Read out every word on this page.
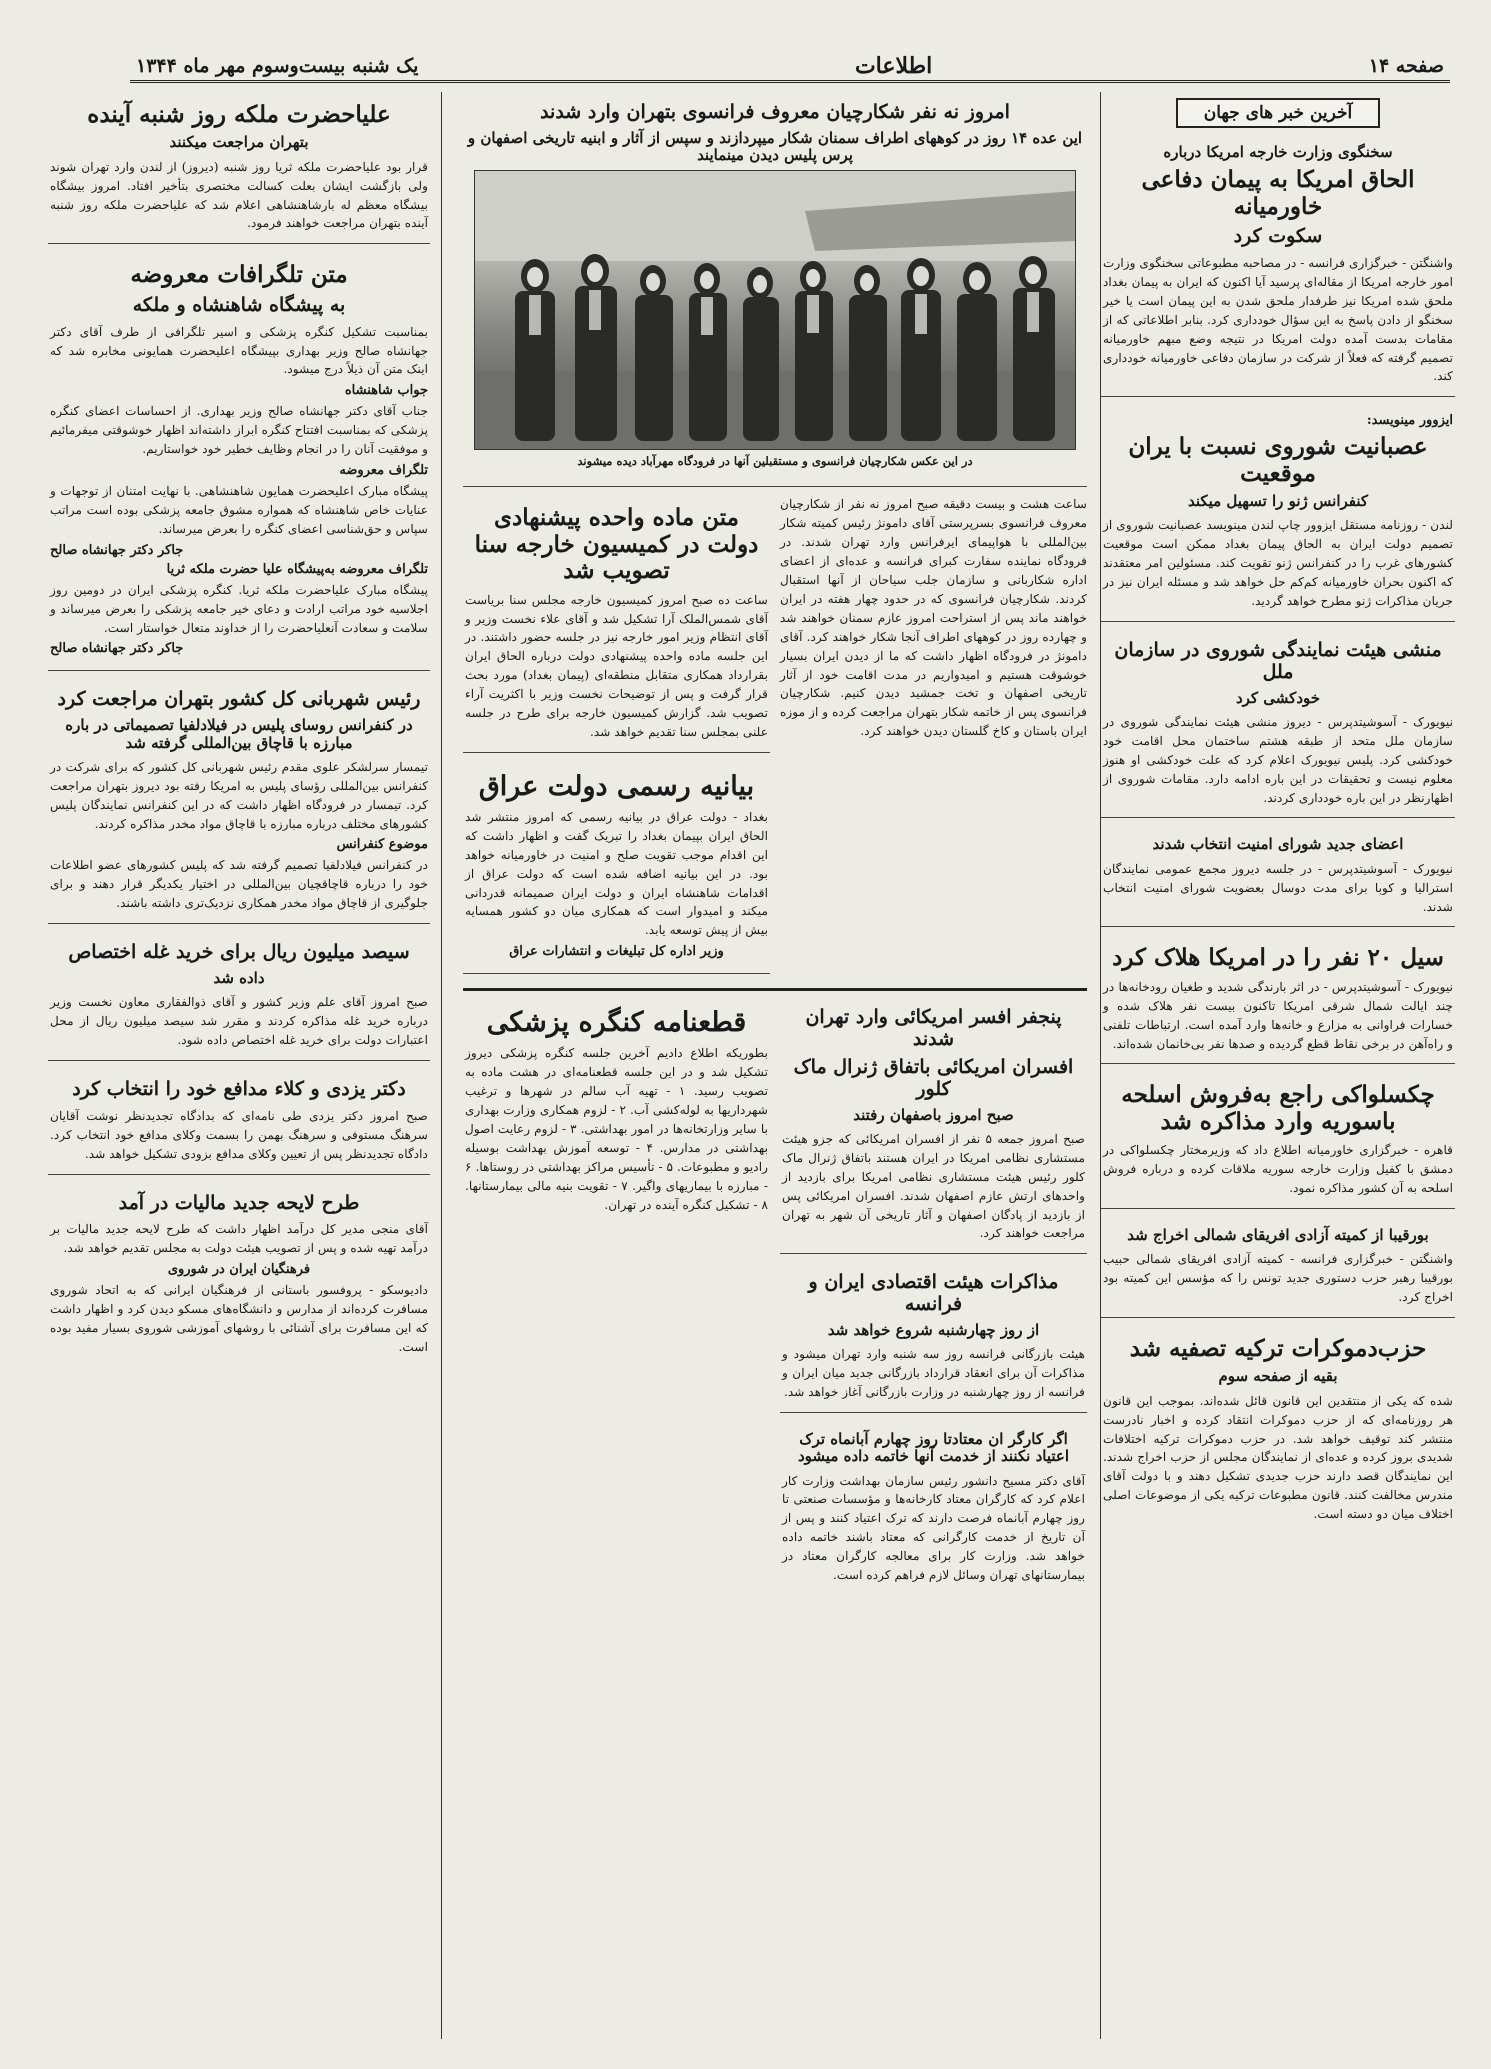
صفحه ۱۴
اطلاعات
یک شنبه بیست‌وسوم مهر ماه ۱۳۴۴
آخرین خبر های جهان
سخنگوی وزارت خارجه امریکا درباره
الحاق امریکا به پیمان دفاعی خاورمیانه
سکوت کرد

واشنگتن - خبرگزاری فرانسه - در مصاحبه مطبوعاتی سخنگوی وزارت امور خارجه امریکا از مقاله‌ای پرسید آیا اکنون که ایران به پیمان بغداد ملحق شده امریکا نیز طرفدار ملحق شدن به این پیمان است یا خیر سخنگو از دادن پاسخ به این سؤال خودداری کرد. بنابر اطلاعاتی که از مقامات بدست آمده دولت امریکا در نتیجه وضع مبهم خاورمیانه تصمیم گرفته که فعلاً از شرکت در سازمان دفاعی خاورمیانه خودداری کند.

ایزوور مینویسد:
عصبانیت شوروی نسبت با یران موقعیت
کنفرانس ژنو را تسهیل میکند

لندن - روزنامه مستقل ایزوور چاپ لندن مینویسد عصبانیت شوروی از تصمیم دولت ایران به الحاق پیمان بغداد ممکن است موقعیت کشورهای غرب را در کنفرانس ژنو تقویت کند. مسئولین امر معتقدند که اکنون بحران خاورمیانه کم‌کم حل خواهد شد و مسئله ایران نیز در جریان مذاکرات ژنو مطرح خواهد گردید.

منشی هیئت نمایندگی شوروی در سازمان ملل
خودکشی کرد

نیویورک - آسوشیتدپرس - دیروز منشی هیئت نمایندگی شوروی در سازمان ملل متحد از طبقه هشتم ساختمان محل اقامت خود خودکشی کرد. پلیس نیویورک اعلام کرد که علت خودکشی او هنوز معلوم نیست و تحقیقات در این باره ادامه دارد. مقامات شوروی از اظهارنظر در این باره خودداری کردند.

اعضای جدید شورای امنیت انتخاب شدند

نیویورک - آسوشیتدپرس - در جلسه دیروز مجمع عمومی نمایندگان استرالیا و کوبا برای مدت دوسال بعضویت شورای امنیت انتخاب شدند.

سیل ۲۰ نفر را در امریکا هلاک کرد

نیویورک - آسوشیتدپرس - در اثر بارندگی شدید و طغیان رودخانه‌ها در چند ایالت شمال شرقی امریکا تاکنون بیست نفر هلاک شده و خسارات فراوانی به مزارع و خانه‌ها وارد آمده است. ارتباطات تلفنی و راه‌آهن در برخی نقاط قطع گردیده و صدها نفر بی‌خانمان شده‌اند.

چکسلواکی راجع به‌فروش اسلحه باسوریه وارد مذاکره شد

قاهره - خبرگزاری خاورمیانه اطلاع داد که وزیرمختار چکسلواکی در دمشق با کفیل وزارت خارجه سوریه ملاقات کرده و درباره فروش اسلحه به آن کشور مذاکره نمود.

بورقیبا از کمیته آزادی افریقای شمالی اخراج شد

واشنگتن - خبرگزاری فرانسه - کمیته آزادی افریقای شمالی حبیب بورقیبا رهبر حزب دستوری جدید تونس را که مؤسس این کمیته بود اخراج کرد.

حزب‌دموکرات ترکیه تصفیه شد
بقیه از صفحه سوم

شده که یکی از منتقدین این قانون قائل شده‌اند. بموجب این قانون هر روزنامه‌ای که از حزب دموکرات انتقاد کرده و اخبار نادرست منتشر کند توقیف خواهد شد. در حزب دموکرات ترکیه اختلافات شدیدی بروز کرده و عده‌ای از نمایندگان مجلس از حزب اخراج شدند. این نمایندگان قصد دارند حزب جدیدی تشکیل دهند و با دولت آقای مندرس مخالفت کنند. قانون مطبوعات ترکیه یکی از موضوعات اصلی اختلاف میان دو دسته است.

امروز نه نفر شکارچیان معروف فرانسوی بتهران وارد شدند
این عده ۱۴ روز در کوههای اطراف سمنان شکار میپردازند و سپس از آثار و ابنیه تاریخی اصفهان و پرس پلیس دیدن مینمایند
در این عکس شکارچیان فرانسوی و مستقبلین آنها در فرودگاه مهرآباد دیده میشوند

ساعت هشت و بیست دقیقه صبح امروز نه نفر از شکارچیان معروف فرانسوی بسرپرستی آقای دامونژ رئیس کمیته شکار بین‌المللی با هواپیمای ایرفرانس وارد تهران شدند. در فرودگاه نماینده سفارت کبرای فرانسه و عده‌ای از اعضای اداره شکاربانی و سازمان جلب سیاحان از آنها استقبال کردند. شکارچیان فرانسوی که در حدود چهار هفته در ایران خواهند ماند پس از استراحت امروز عازم سمنان خواهند شد و چهارده روز در کوههای اطراف آنجا شکار خواهند کرد. آقای دامونژ در فرودگاه اظهار داشت که ما از دیدن ایران بسیار خوشوقت هستیم و امیدواریم در مدت اقامت خود از آثار تاریخی اصفهان و تخت جمشید دیدن کنیم. شکارچیان فرانسوی پس از خاتمه شکار بتهران مراجعت کرده و از موزه ایران باستان و کاخ گلستان دیدن خواهند کرد.

متن ماده واحده پیشنهادی دولت در کمیسیون خارجه سنا تصویب شد

ساعت ده صبح امروز کمیسیون خارجه مجلس سنا بریاست آقای شمس‌الملک آرا تشکیل شد و آقای علاء نخست وزیر و آقای انتظام وزیر امور خارجه نیز در جلسه حضور داشتند. در این جلسه ماده واحده پیشنهادی دولت درباره الحاق ایران بقرارداد همکاری متقابل منطقه‌ای (پیمان بغداد) مورد بحث قرار گرفت و پس از توضیحات نخست وزیر با اکثریت آراء تصویب شد. گزارش کمیسیون خارجه برای طرح در جلسه علنی بمجلس سنا تقدیم خواهد شد.

بیانیه رسمی دولت عراق

بغداد - دولت عراق در بیانیه رسمی که امروز منتشر شد الحاق ایران بپیمان بغداد را تبریک گفت و اظهار داشت که این اقدام موجب تقویت صلح و امنیت در خاورمیانه خواهد بود. در این بیانیه اضافه شده است که دولت عراق از اقدامات شاهنشاه ایران و دولت ایران صمیمانه قدردانی میکند و امیدوار است که همکاری میان دو کشور همسایه بیش از پیش توسعه یابد.

وزیر اداره کل تبلیغات و انتشارات عراق
پنجفر افسر امریکائی وارد تهران شدند
افسران امریکائی باتفاق ژنرال ماک کلور
صبح امروز باصفهان رفتند

صبح امروز جمعه ۵ نفر از افسران امریکائی که جزو هیئت مستشاری نظامی امریکا در ایران هستند باتفاق ژنرال ماک کلور رئیس هیئت مستشاری نظامی امریکا برای بازدید از واحدهای ارتش عازم اصفهان شدند. افسران امریکائی پس از بازدید از پادگان اصفهان و آثار تاریخی آن شهر به تهران مراجعت خواهند کرد.

مذاکرات هیئت اقتصادی ایران و فرانسه
از روز چهارشنبه شروع خواهد شد

هیئت بازرگانی فرانسه روز سه شنبه وارد تهران میشود و مذاکرات آن برای انعقاد قرارداد بازرگانی جدید میان ایران و فرانسه از روز چهارشنبه در وزارت بازرگانی آغاز خواهد شد.

اگر کارگر ان معتادتا روز چهارم آبانماه ترک اعتیاد نکنند از خدمت آنها خاتمه داده میشود

آقای دکتر مسیح دانشور رئیس سازمان بهداشت وزارت کار اعلام کرد که کارگران معتاد کارخانه‌ها و مؤسسات صنعتی تا روز چهارم آبانماه فرصت دارند که ترک اعتیاد کنند و پس از آن تاریخ از خدمت کارگرانی که معتاد باشند خاتمه داده خواهد شد. وزارت کار برای معالجه کارگران معتاد در بیمارستانهای تهران وسائل لازم فراهم کرده است.

قطعنامه کنگره پزشکی

بطوریکه اطلاع دادیم آخرین جلسه کنگره پزشکی دیروز تشکیل شد و در این جلسه قطعنامه‌ای در هشت ماده به تصویب رسید. ۱ - تهیه آب سالم در شهرها و ترغیب شهرداریها به لوله‌کشی آب. ۲ - لزوم همکاری وزارت بهداری با سایر وزارتخانه‌ها در امور بهداشتی. ۳ - لزوم رعایت اصول بهداشتی در مدارس. ۴ - توسعه آموزش بهداشت بوسیله رادیو و مطبوعات. ۵ - تأسیس مراکز بهداشتی در روستاها. ۶ - مبارزه با بیماریهای واگیر. ۷ - تقویت بنیه مالی بیمارستانها. ۸ - تشکیل کنگره آینده در تهران.

علیاحضرت ملکه روز شنبه آینده
بتهران مراجعت میکنند

قرار بود علیاحضرت ملکه ثریا روز شنبه (دیروز) از لندن وارد تهران شوند ولی بازگشت ایشان بعلت کسالت مختصری بتأخیر افتاد. امروز بیشگاه بیشگاه معظم له بارشاهنشاهی اعلام شد که علیاحضرت ملکه روز شنبه آینده بتهران مراجعت خواهند فرمود.

متن تلگرافات معروضه
به پیشگاه شاهنشاه و ملکه

بمناسبت تشکیل کنگره پزشکی و اسیر تلگرافی از طرف آقای دکتر جهانشاه صالح وزیر بهداری بپیشگاه اعلیحضرت همایونی مخابره شد که اینک متن آن ذیلاً درج میشود.

جواب شاهنشاه

جناب آقای دکتر جهانشاه صالح وزیر بهداری. از احساسات اعضای کنگره پزشکی که بمناسبت افتتاح کنگره ابراز داشته‌اند اظهار خوشوقتی میفرمائیم و موفقیت آنان را در انجام وظایف خطیر خود خواستاریم.

تلگراف معروضه

پیشگاه مبارک اعلیحضرت همایون شاهنشاهی. با نهایت امتنان از توجهات و عنایات خاص شاهنشاه که همواره مشوق جامعه پزشکی بوده است مراتب سپاس و حق‌شناسی اعضای کنگره را بعرض میرساند.

جاکر دکتر جهانشاه صالح
تلگراف معروضه به‌پیشگاه علیا حضرت ملکه ثریا

پیشگاه مبارک علیاحضرت ملکه ثریا. کنگره پزشکی ایران در دومین روز اجلاسیه خود مراتب ارادت و دعای خیر جامعه پزشکی را بعرض میرساند و سلامت و سعادت آنعلیاحضرت را از خداوند متعال خواستار است.

جاکر دکتر جهانشاه صالح
رئیس شهربانی کل کشور بتهران مراجعت کرد
در کنفرانس روسای پلیس در فیلادلفیا تصمیماتی در باره مبارزه با قاچاق بین‌المللی گرفته شد

تیمسار سرلشکر علوی مقدم رئیس شهربانی کل کشور که برای شرکت در کنفرانس بین‌المللی رؤسای پلیس به امریکا رفته بود دیروز بتهران مراجعت کرد. تیمسار در فرودگاه اظهار داشت که در این کنفرانس نمایندگان پلیس کشورهای مختلف درباره مبارزه با قاچاق مواد مخدر مذاکره کردند.

موضوع کنفرانس

در کنفرانس فیلادلفیا تصمیم گرفته شد که پلیس کشورهای عضو اطلاعات خود را درباره قاچاقچیان بین‌المللی در اختیار یکدیگر قرار دهند و برای جلوگیری از قاچاق مواد مخدر همکاری نزدیک‌تری داشته باشند.

سیصد میلیون ریال برای خرید غله اختصاص
داده شد

صبح امروز آقای علم وزیر کشور و آقای ذوالفقاری معاون نخست وزیر درباره خرید غله مذاکره کردند و مقرر شد سیصد میلیون ریال از محل اعتبارات دولت برای خرید غله اختصاص داده شود.

دکتر یزدی و کلاء مدافع خود را انتخاب کرد

صبح امروز دکتر یزدی طی نامه‌ای که بدادگاه تجدیدنظر نوشت آقایان سرهنگ مستوفی و سرهنگ بهمن را بسمت وکلای مدافع خود انتخاب کرد. دادگاه تجدیدنظر پس از تعیین وکلای مدافع بزودی تشکیل خواهد شد.

طرح لایحه جدید مالیات در آمد

آقای منجی مدیر کل درآمد اظهار داشت که طرح لایحه جدید مالیات بر درآمد تهیه شده و پس از تصویب هیئت دولت به مجلس تقدیم خواهد شد.

فرهنگیان ایران در شوروی

دادیوسکو - پروفسور باستانی از فرهنگیان ایرانی که به اتحاد شوروی مسافرت کرده‌اند از مدارس و دانشگاه‌های مسکو دیدن کرد و اظهار داشت که این مسافرت برای آشنائی با روشهای آموزشی شوروی بسیار مفید بوده است.
